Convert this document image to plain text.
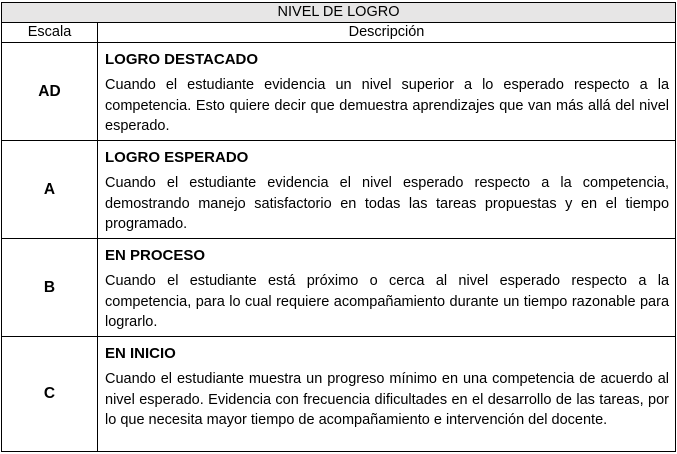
NIVEL DE LOGRO	
Escala	Descripción
AD	LOGRO DESTACADO
Cuando el estudiante evidencia un nivel superior a lo esperado respecto a la competencia. Esto quiere decir que demuestra aprendizajes que van más allá del nivel esperado.

A	LOGRO ESPERADO
Cuando el estudiante evidencia el nivel esperado respecto a la competencia, demostrando manejo satisfactorio en todas las tareas propuestas y en el tiempo programado.

B	EN PROCESO
Cuando el estudiante está próximo o cerca al nivel esperado respecto a la competencia, para lo cual requiere acompañamiento durante un tiempo razonable para lograrlo.

C	EN INICIO
Cuando el estudiante muestra un progreso mínimo en una competencia de acuerdo al nivel esperado. Evidencia con frecuencia dificultades en el desarrollo de las tareas, por lo que necesita mayor tiempo de acompañamiento e intervención del docente.
